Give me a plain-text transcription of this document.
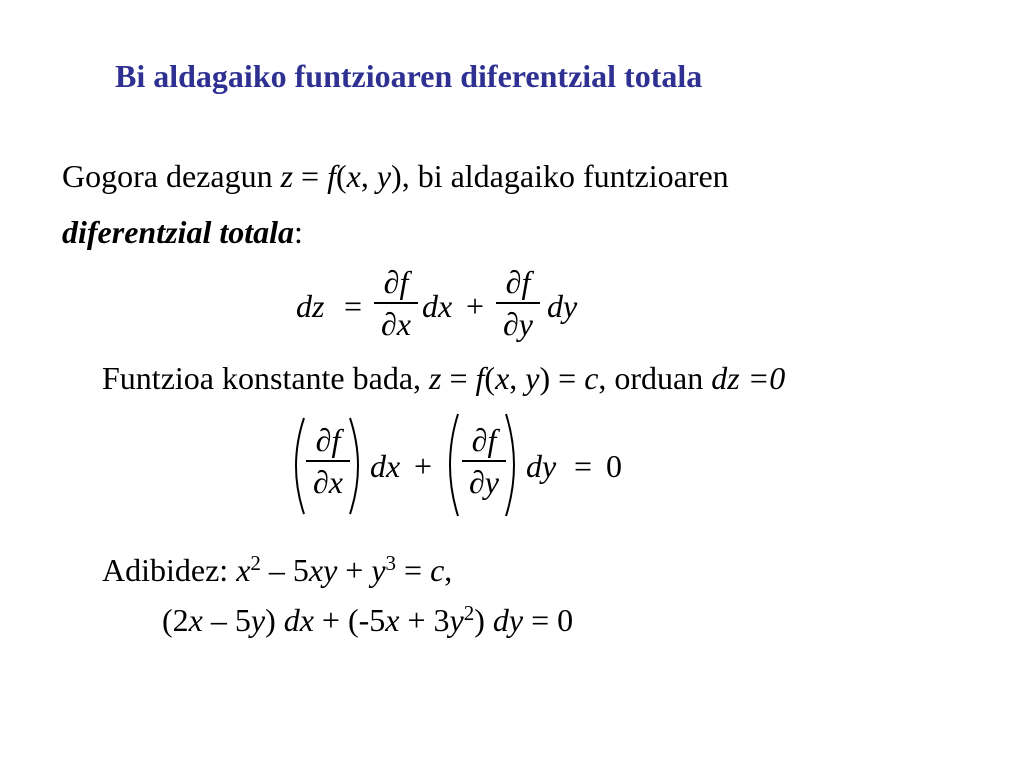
Bi aldagaiko funtzioaren diferentzial totala
Gogora dezagun z = f(x, y), bi aldagaiko funtzioaren
diferentzial totala:
dz =
∂f
∂x dx +
∂f
∂y dy
Funtzioa konstante bada, z = f(x, y) = c, orduan dz =0
∂f
∂x dx +
∂f
∂y dy = 0
Adibidez: $x^2 - 5xy + y^3 = c$,
(2x – 5y) dx + $(-5x + 3y^2)$ dy = 0
